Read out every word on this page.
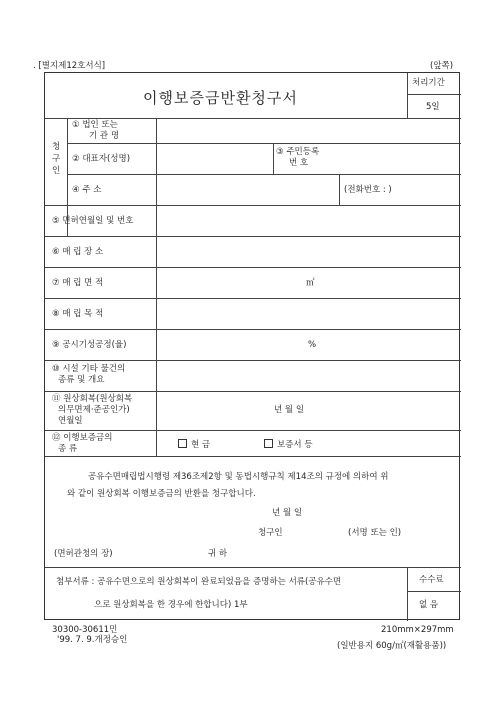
. [별지제12호서식]	(앞쪽)
이행보증금반환청구서
처리기간
5일
청
구
인
① 법인 또는
기 관 명
② 대표자(성명)
③ 주민등록
번 호
④ 주 소	(전화번호 : )
⑤ 면허연월일 및 번호
⑥ 매 립 장 소
⑦ 매 립 면 적	㎡
⑧ 매 립 목 적
⑨ 공시기성공정(율)	%
⑩ 시설 기타 물건의
종류 및 개요
⑪ 원상회복(원상회복
의무면제·준공인가)
연월일
년 월 일
⑫ 이행보증금의
종 류	현 금	보증서 등
공유수면매립법시행령 제36조제2항 및 동법시행규칙 제14조의 규정에 의하여 위
와 같이 원상회복 이행보증금의 반환을 청구합니다.
년 월 일
청구인	(서명 또는 인)
(면허관청의 장)	귀 하
첨부서류 : 공유수면으로의 원상회복이 완료되었음을 증명하는 서류(공유수면
으로 원상회복을 한 경우에 한합니다) 1부
수수료
없 음
30300-30611민
'99. 7. 9.개정승인
210mm×297mm
(일반용지 60g/㎡(재활용품))
